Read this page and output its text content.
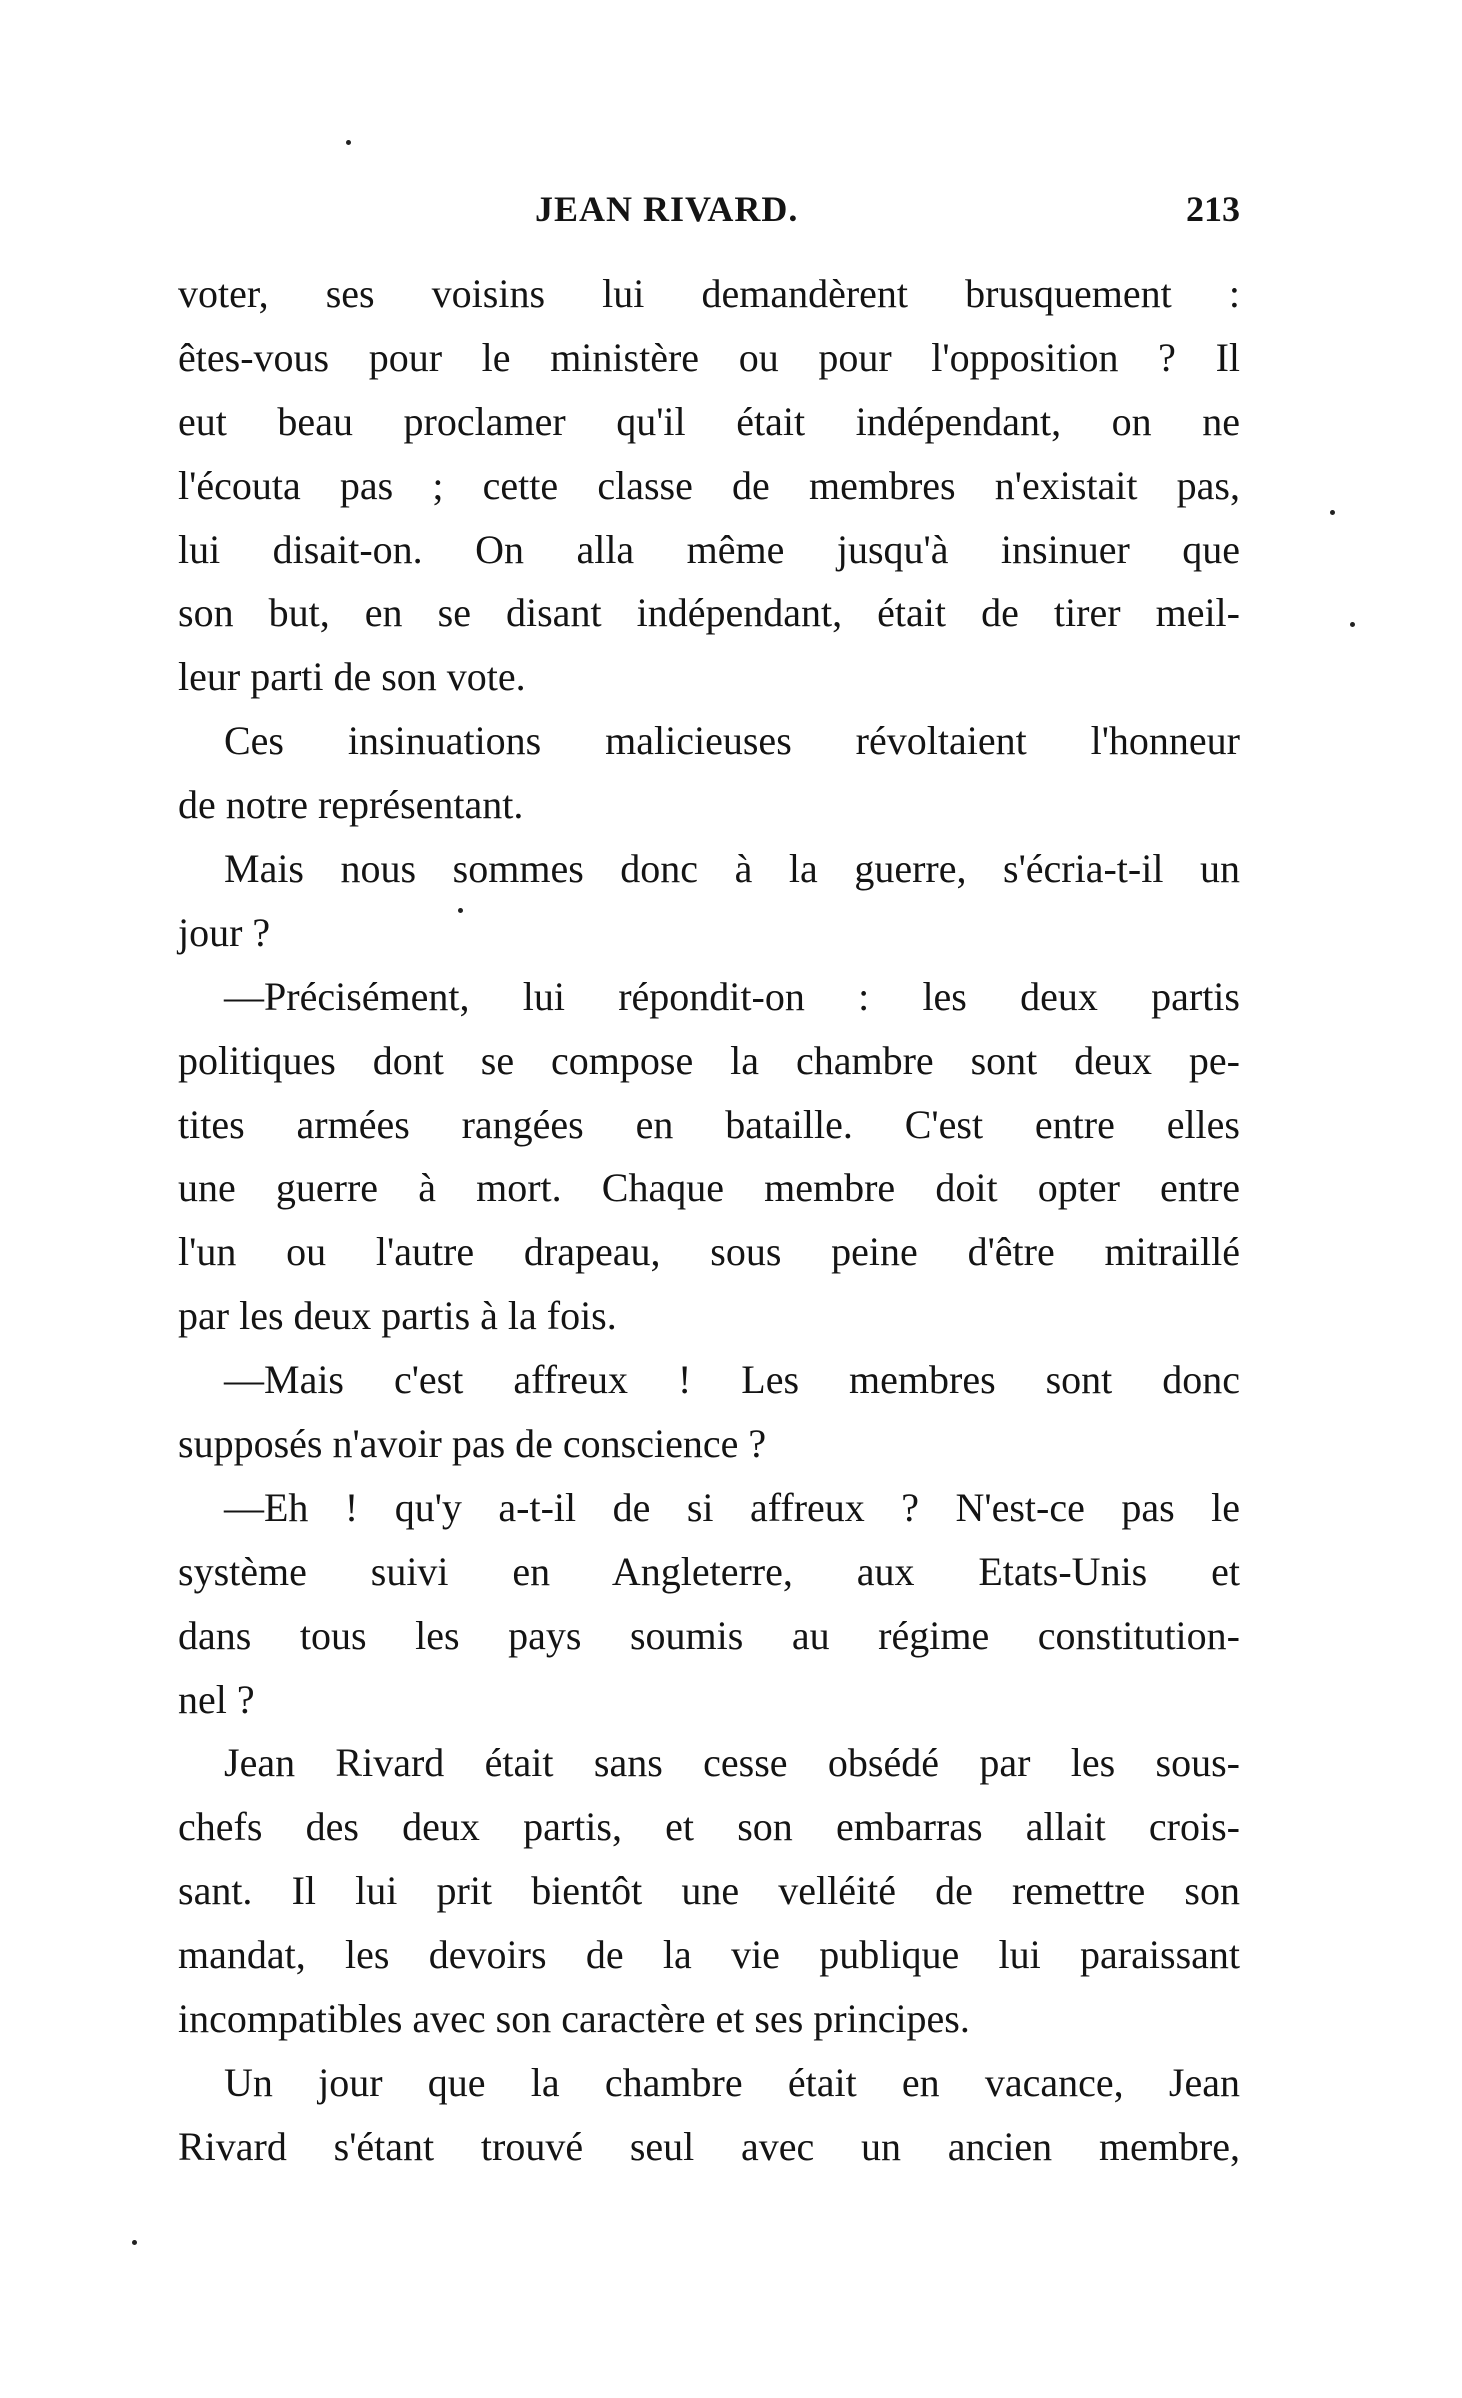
JEAN RIVARD.	213
voter, ses voisins lui demandèrent brusquement :
êtes-vous pour le ministère ou pour l'opposition ? Il
eut beau proclamer qu'il était indépendant, on ne
l'écouta pas ; cette classe de membres n'existait pas,
lui disait-on. On alla même jusqu'à insinuer que
son but, en se disant indépendant, était de tirer meil-
leur parti de son vote.
Ces insinuations malicieuses révoltaient l'honneur
de notre représentant.
Mais nous sommes donc à la guerre, s'écria-t-il un
jour ?
—Précisément, lui répondit-on : les deux partis
politiques dont se compose la chambre sont deux pe-
tites armées rangées en bataille. C'est entre elles
une guerre à mort. Chaque membre doit opter entre
l'un ou l'autre drapeau, sous peine d'être mitraillé
par les deux partis à la fois.
—Mais c'est affreux ! Les membres sont donc
supposés n'avoir pas de conscience ?
—Eh ! qu'y a-t-il de si affreux ? N'est-ce pas le
système suivi en Angleterre, aux Etats-Unis et
dans tous les pays soumis au régime constitution-
nel ?
Jean Rivard était sans cesse obsédé par les sous-
chefs des deux partis, et son embarras allait crois-
sant. Il lui prit bientôt une velléité de remettre son
mandat, les devoirs de la vie publique lui paraissant
incompatibles avec son caractère et ses principes.
Un jour que la chambre était en vacance, Jean
Rivard s'étant trouvé seul avec un ancien membre,
